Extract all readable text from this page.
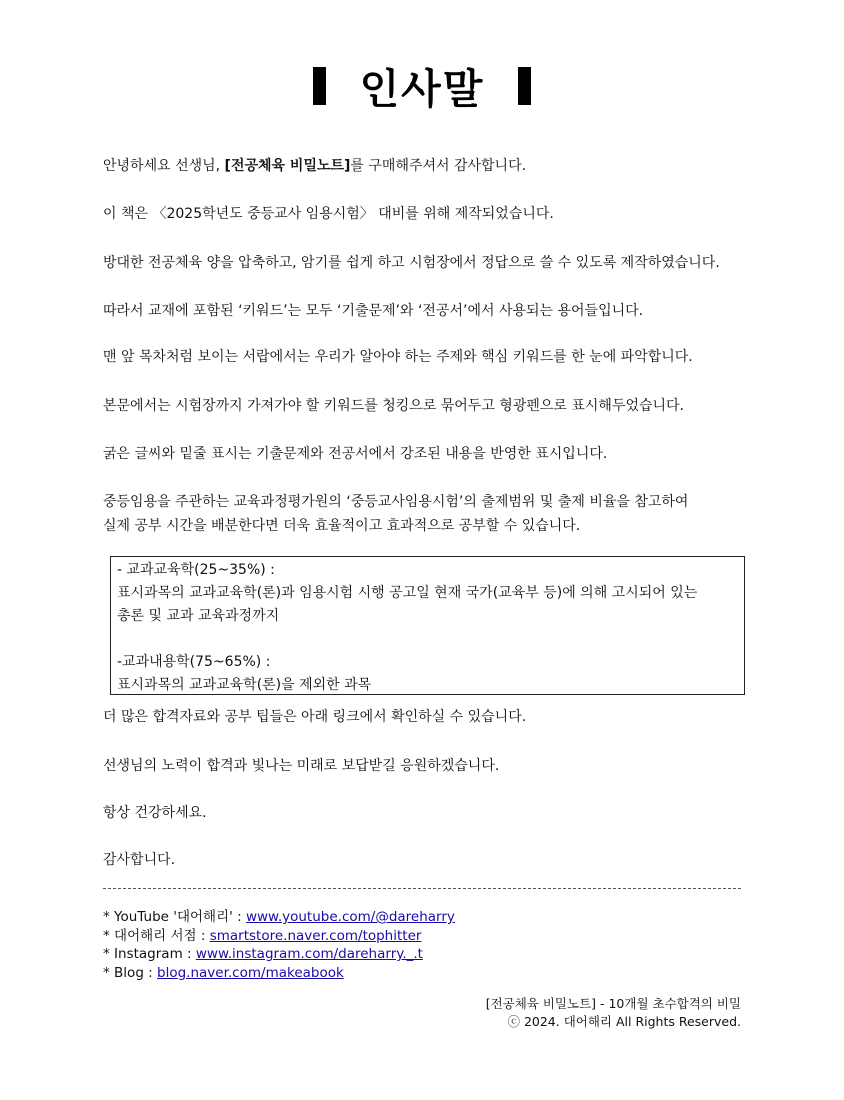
인사말
안녕하세요 선생님, [전공체육 비밀노트]를 구매해주셔서 감사합니다.
이 책은 〈2025학년도 중등교사 임용시험〉 대비를 위해 제작되었습니다.
방대한 전공체육 양을 압축하고, 암기를 쉽게 하고 시험장에서 정답으로 쓸 수 있도록 제작하였습니다.
따라서 교재에 포함된 ‘키워드’는 모두 ‘기출문제’와 ‘전공서’에서 사용되는 용어들입니다.
맨 앞 목차처럼 보이는 서랍에서는 우리가 알아야 하는 주제와 핵심 키워드를 한 눈에 파악합니다.
본문에서는 시험장까지 가져가야 할 키워드를 청킹으로 묶어두고 형광펜으로 표시해두었습니다.
굵은 글씨와 밑줄 표시는 기출문제와 전공서에서 강조된 내용을 반영한 표시입니다.
중등임용을 주관하는 교육과정평가원의 ‘중등교사임용시험’의 출제범위 및 출제 비율을 참고하여
실제 공부 시간을 배분한다면 더욱 효율적이고 효과적으로 공부할 수 있습니다.
- 교과교육학(25~35%) :
표시과목의 교과교육학(론)과 임용시험 시행 공고일 현재 국가(교육부 등)에 의해 고시되어 있는
총론 및 교과 교육과정까지
-교과내용학(75~65%) :
표시과목의 교과교육학(론)을 제외한 과목
더 많은 합격자료와 공부 팁들은 아래 링크에서 확인하실 수 있습니다.
선생님의 노력이 합격과 빛나는 미래로 보답받길 응원하겠습니다.
항상 건강하세요.
감사합니다.
* YouTube '대어해리' : www.youtube.com/@dareharry
* 대어해리 서점 : smartstore.naver.com/tophitter
* Instagram : www.instagram.com/dareharry._.t
* Blog : blog.naver.com/makeabook
[전공체육 비밀노트] - 10개월 초수합격의 비밀
ⓒ 2024. 대어해리 All Rights Reserved.
